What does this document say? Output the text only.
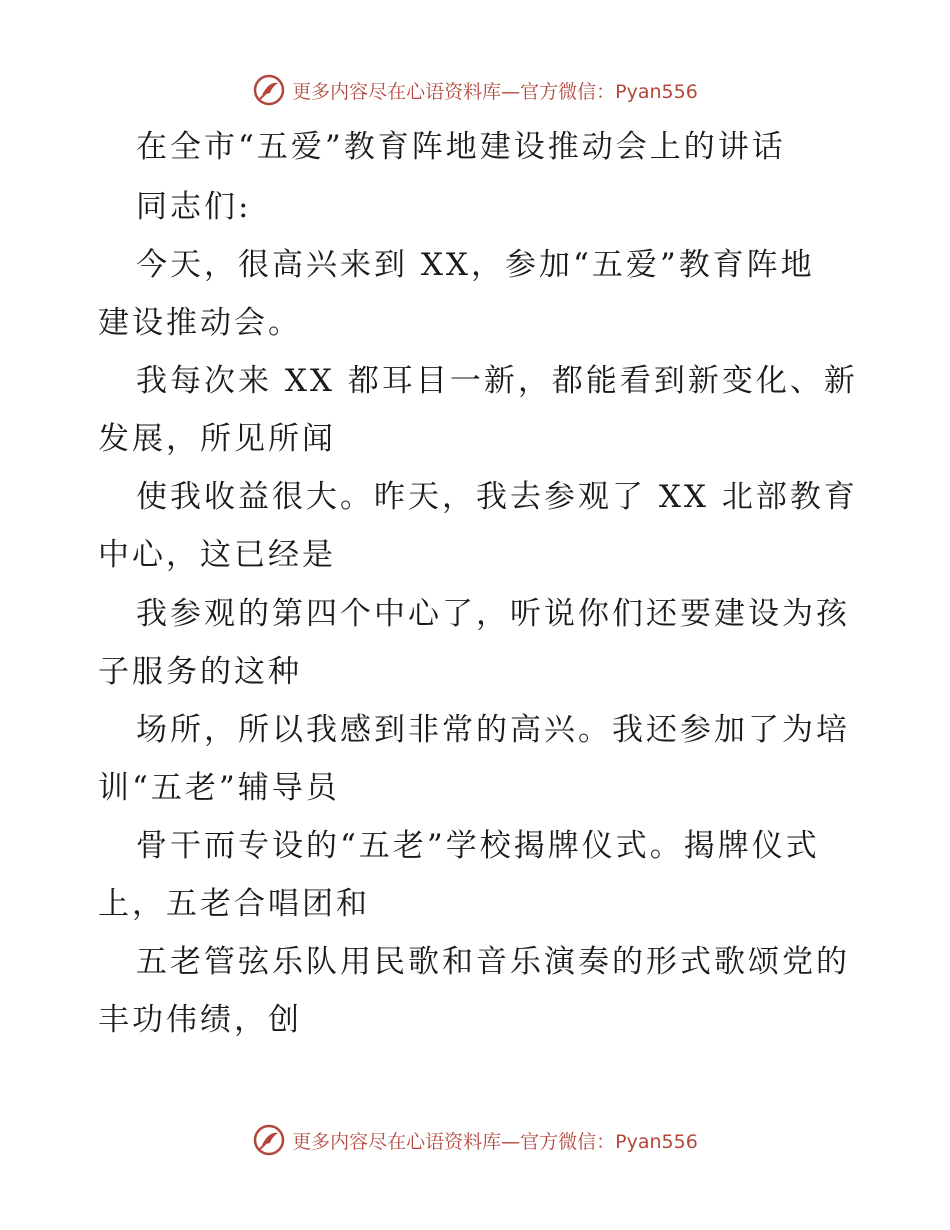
更多内容尽在心语资料库—官方微信：Pyan556
在全市“五爱”教育阵地建设推动会上的讲话
同志们:
今天，很高兴来到 XX，参加“五爱”教育阵地
建设推动会。
我每次来 XX 都耳目一新，都能看到新变化、新
发展，所见所闻
使我收益很大。昨天，我去参观了 XX 北部教育
中心，这已经是
我参观的第四个中心了，听说你们还要建设为孩
子服务的这种
场所，所以我感到非常的高兴。我还参加了为培
训“五老”辅导员
骨干而专设的“五老”学校揭牌仪式。揭牌仪式
上，五老合唱团和
五老管弦乐队用民歌和音乐演奏的形式歌颂党的
丰功伟绩，创
更多内容尽在心语资料库—官方微信：Pyan556
